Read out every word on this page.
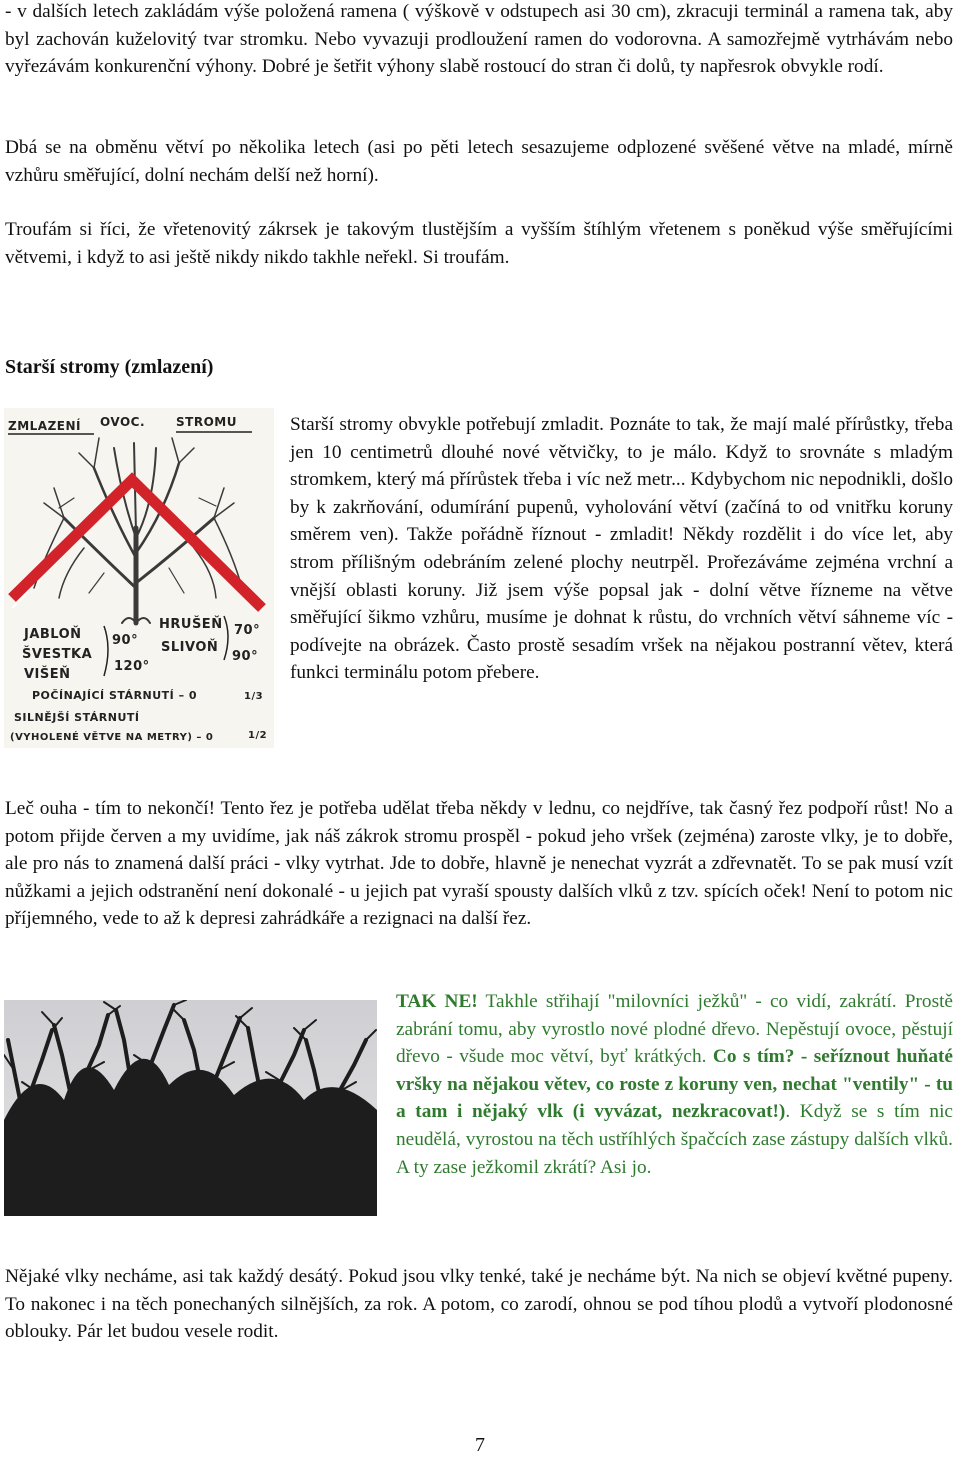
- v dalších letech zakládám výše položená ramena ( výškově v odstupech asi 30 cm), zkracuji terminál a ramena tak, aby byl zachován kuželovitý tvar stromku. Nebo vyvazuji prodloužení ramen do vodorovna. A samozřejmě vytrhávám nebo vyřezávám konkurenční výhony. Dobré je šetřit výhony slabě rostoucí do stran či dolů, ty napřesrok obvykle rodí.

Dbá se na obměnu větví po několika letech (asi po pěti letech sesazujeme odplozené svěšené větve na mladé, mírně vzhůru směřující, dolní nechám delší než horní).

Troufám si říci, že vřetenovitý zákrsek je takovým tlustějším a vyšším štíhlým vřetenem s poněkud výše směřujícími větvemi, i když to asi ještě nikdy nikdo takhle neřekl. Si troufám.

Starší stromy (zmlazení)
ZMLAZENÍ OVOC.	STROMU
JABLOŇ
ŠVESTKA
VIŠEŇ
90°
120°
HRUŠEŇ
SLIVOŇ
70°
90°
POČÍNAJÍCÍ STÁRNUTÍ – 0	1/3
SILNĚJŠÍ STÁRNUTÍ
(VYHOLENÉ VĚTVE NA METRY) – 0	1/2

Starší stromy obvykle potřebují zmladit. Poznáte to tak, že mají malé přírůstky, třeba jen 10 centimetrů dlouhé nové větvičky, to je málo. Když to srovnáte s mladým stromkem, který má přírůstek třeba i víc než metr... Kdybychom nic nepodnikli, došlo by k zakrňování, odumírání pupenů, vyholování větví (začíná to od vnitřku koruny směrem ven). Takže pořádně říznout - zmladit! Někdy rozdělit i do více let, aby strom přílišným odebráním zelené plochy neutrpěl. Prořezáváme zejména vrchní a vnější oblasti koruny. Již jsem výše popsal jak - dolní větve řízneme na větve směřující šikmo vzhůru, musíme je dohnat k růstu, do vrchních větví sáhneme víc - podívejte na obrázek. Často prostě sesadím vršek na nějakou postranní větev, která funkci terminálu potom přebere.

Leč ouha - tím to nekončí! Tento řez je potřeba udělat třeba někdy v lednu, co nejdříve, tak časný řez podpoří růst! No a potom přijde červen a my uvidíme, jak náš zákrok stromu prospěl - pokud jeho vršek (zejména) zaroste vlky, je to dobře, ale pro nás to znamená další práci - vlky vytrhat. Jde to dobře, hlavně je nenechat vyzrát a zdřevnatět. To se pak musí vzít nůžkami a jejich odstranění není dokonalé - u jejich pat vyraší spousty dalších vlků z tzv. spících oček! Není to potom nic příjemného, vede to až k depresi zahrádkáře a rezignaci na další řez.

TAK NE! Takhle střihají "milovníci ježků" - co vidí, zakrátí. Prostě zabrání tomu, aby vyrostlo nové plodné dřevo. Nepěstují ovoce, pěstují dřevo - všude moc větví, byť krátkých. Co s tím? - seříznout huňaté vršky na nějakou větev, co roste z koruny ven, nechat "ventily" - tu a tam i nějaký vlk (i vyvázat, nezkracovat!). Když se s tím nic neudělá, vyrostou na těch ustříhlých špačcích zase zástupy dalších vlků. A ty zase ježkomil zkrátí? Asi jo.

Nějaké vlky necháme, asi tak každý desátý. Pokud jsou vlky tenké, také je necháme být. Na nich se objeví květné pupeny. To nakonec i na těch ponechaných silnějších, za rok. A potom, co zarodí, ohnou se pod tíhou plodů a vytvoří plodonosné oblouky. Pár let budou vesele rodit.

7
